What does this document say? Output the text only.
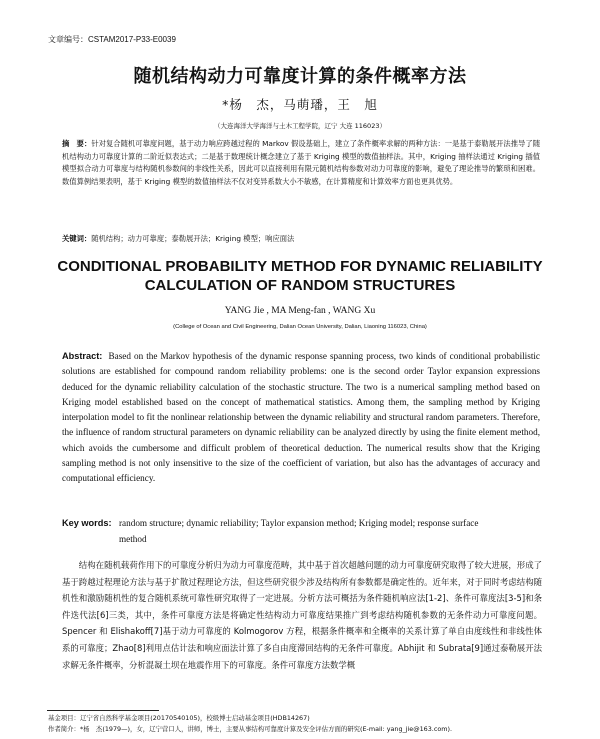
文章编号：CSTAM2017-P33-E0039
随机结构动力可靠度计算的条件概率方法
*杨　杰，马萌璠，王　旭
（大连海洋大学海洋与土木工程学院，辽宁 大连 116023）
摘　要：针对复合随机可靠度问题，基于动力响应跨越过程的 Markov 假设基础上，建立了条件概率求解的两种方法：一是基于泰勒展开法推导了随机结构动力可靠度计算的二阶近似表达式；二是基于数理统计概念建立了基于 Kriging 模型的数值抽样法。其中，Kriging 抽样法通过 Kriging 插值模型拟合动力可靠度与结构随机参数间的非线性关系，因此可以直接利用有限元随机结构参数对动力可靠度的影响，避免了理论推导的繁琐和困难。数值算例结果表明，基于 Kriging 模型的数值抽样法不仅对变异系数大小不敏感，在计算精度和计算效率方面也更具优势。
关键词：随机结构；动力可靠度；泰勒展开法；Kriging 模型；响应面法
CONDITIONAL PROBABILITY METHOD FOR DYNAMIC RELIABILITY
CALCULATION OF RANDOM STRUCTURES
YANG Jie , MA Meng-fan , WANG Xu
(College of Ocean and Civil Engineering, Dalian Ocean University, Dalian, Liaoning 116023, China)
Abstract: Based on the Markov hypothesis of the dynamic response spanning process, two kinds of conditional probabilistic solutions are established for compound random reliability problems: one is the second order Taylor expansion expressions deduced for the dynamic reliability calculation of the stochastic structure. The two is a numerical sampling method based on Kriging model established based on the concept of mathematical statistics. Among them, the sampling method by Kriging interpolation model to fit the nonlinear relationship between the dynamic reliability and structural random parameters. Therefore, the influence of random structural parameters on dynamic reliability can be analyzed directly by using the finite element method, which avoids the cumbersome and difficult problem of theoretical deduction. The numerical results show that the Kriging sampling method is not only insensitive to the size of the coefficient of variation, but also has the advantages of accuracy and computational efficiency.
Key words: random structure; dynamic reliability; Taylor expansion method; Kriging model; response surface
method
  结构在随机载荷作用下的可靠度分析归为动力可靠度范畴，其中基于首次超越问题的动力可靠度研究取得了较大进展，形成了基于跨越过程理论方法与基于扩散过程理论方法，但这些研究很少涉及结构所有参数都是确定性的。近年来，对于同时考虑结构随机性和激励随机性的复合随机系统可靠性研究取得了一定进展。分析方法可概括为条件随机响应法[1-2]、条件可靠度法[3-5]和条件迭代法[6]三类，其中，条件可靠度方法是将确定性结构动力可靠度结果推广到考虑结构随机参数的无条件动力可靠度问题。Spencer 和 Elishakoff[7]基于动力可靠度的 Kolmogorov 方程，根据条件概率和全概率的关系计算了单自由度线性和非线性体系的可靠度；Zhao[8]利用点估计法和响应面法计算了多自由度滞回结构的无条件可靠度。Abhijit 和 Subrata[9]通过泰勒展开法求解无条件概率，分析混凝土坝在地震作用下的可靠度。条件可靠度方法数学概
基金项目：辽宁省自然科学基金项目(20170540105)，校级博士启动基金项目(HDB14267)
作者简介：*杨　杰(1979—)，女，辽宁营口人，讲师，博士，主要从事结构可靠度计算及安全评估方面的研究(E-mail: yang_jie@163.com).
